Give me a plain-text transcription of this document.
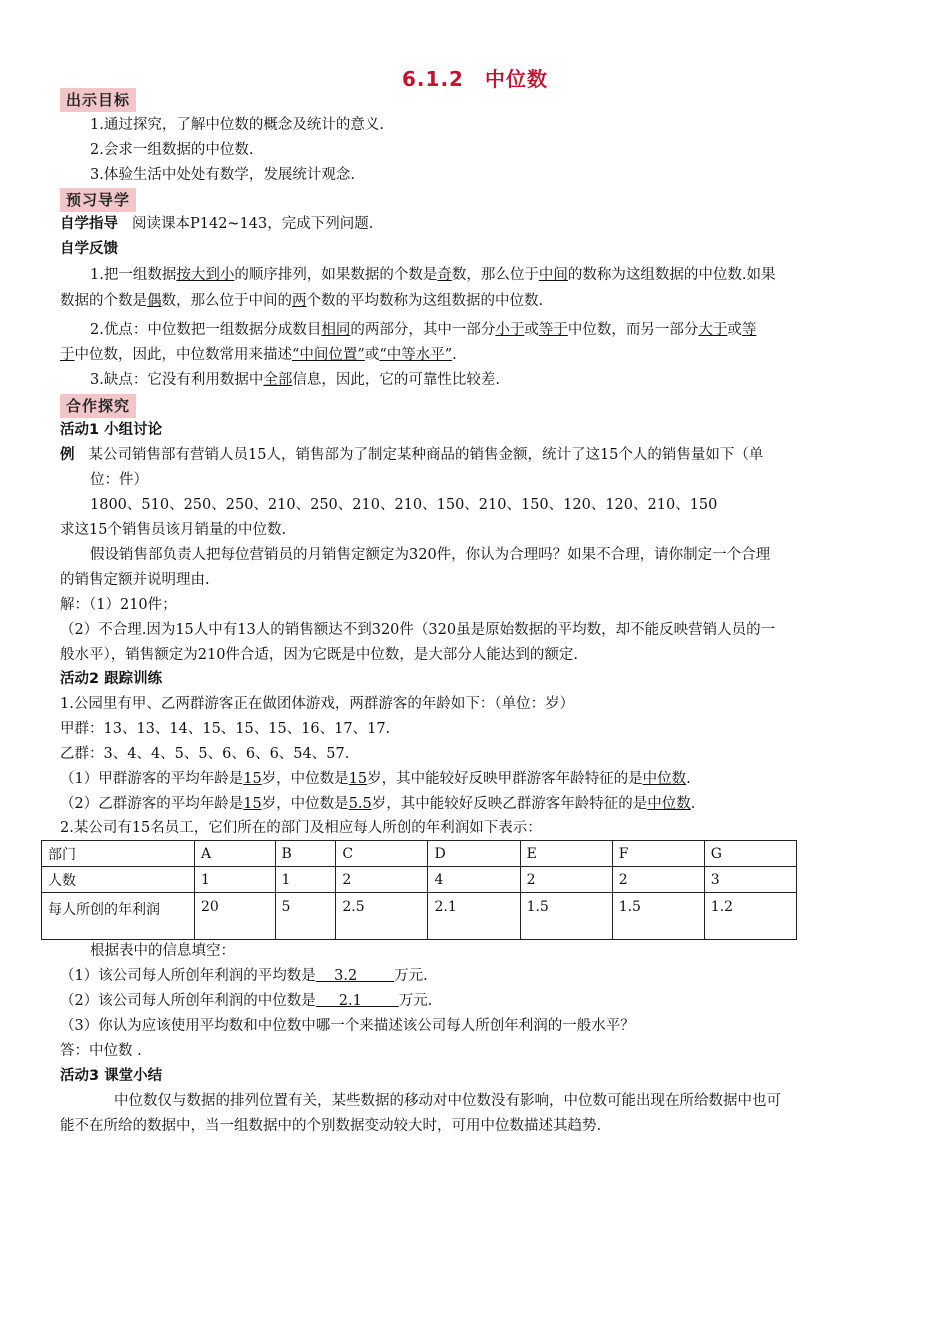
6.1.2　中位数
出示目标
1.通过探究，了解中位数的概念及统计的意义.
2.会求一组数据的中位数.
3.体验生活中处处有数学，发展统计观念.
预习导学
自学指导 阅读课本P142~143，完成下列问题.
自学反馈
1.把一组数据按大到小的顺序排列，如果数据的个数是奇数，那么位于中间的数称为这组数据的中位数.如果
数据的个数是偶数，那么位于中间的两个数的平均数称为这组数据的中位数.
2.优点：中位数把一组数据分成数目相同的两部分，其中一部分小于或等于中位数，而另一部分大于或等
于中位数，因此，中位数常用来描述“中间位置”或“中等水平”.
3.缺点：它没有利用数据中全部信息，因此，它的可靠性比较差.
合作探究
活动1 小组讨论
例 某公司销售部有营销人员15人，销售部为了制定某种商品的销售金额，统计了这15个人的销售量如下（单
位：件）
1800、510、250、250、210、250、210、210、150、210、150、120、120、210、150
求这15个销售员该月销量的中位数.
假设销售部负责人把每位营销员的月销售定额定为320件，你认为合理吗？如果不合理，请你制定一个合理
的销售定额并说明理由.
解：（1）210件；
（2）不合理.因为15人中有13人的销售额达不到320件（320虽是原始数据的平均数，却不能反映营销人员的一
般水平），销售额定为210件合适，因为它既是中位数，是大部分人能达到的额定.
活动2 跟踪训练
1.公园里有甲、乙两群游客正在做团体游戏，两群游客的年龄如下：（单位：岁）
甲群：13、13、14、15、15、15、16、17、17.
乙群：3、4、4、5、5、6、6、6、54、57.
（1）甲群游客的平均年龄是15岁，中位数是15岁，其中能较好反映甲群游客年龄特征的是中位数.
（2）乙群游客的平均年龄是15岁，中位数是5.5岁，其中能较好反映乙群游客年龄特征的是中位数.
2.某公司有15名员工，它们所在的部门及相应每人所创的年利润如下表示：
部门	A	B	C	D	E	F	G
人数	1	1	2	4	2	2	3
每人所创的年利润	20	5	2.5	2.1	1.5	1.5	1.2
根据表中的信息填空：
（1）该公司每人所创年利润的平均数是 3.2	万元.
（2）该公司每人所创年利润的中位数是 2.1	万元.
（3）你认为应该使用平均数和中位数中哪一个来描述该公司每人所创年利润的一般水平？
答：中位数 .
活动3 课堂小结
中位数仅与数据的排列位置有关，某些数据的移动对中位数没有影响，中位数可能出现在所给数据中也可
能不在所给的数据中，当一组数据中的个别数据变动较大时，可用中位数描述其趋势.
